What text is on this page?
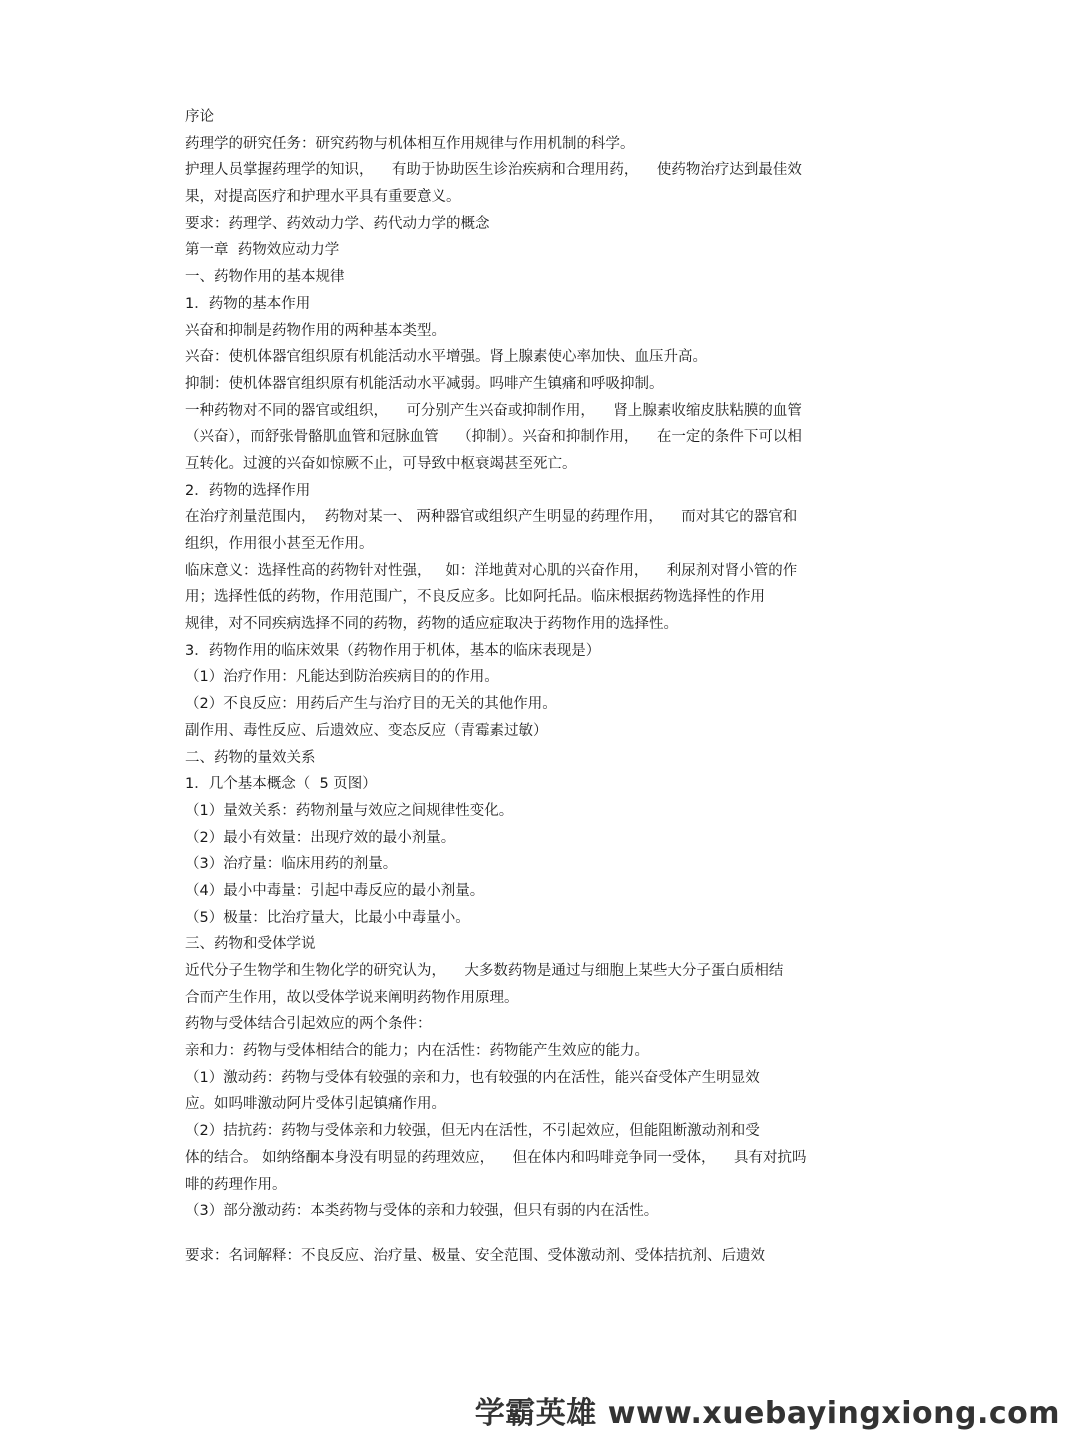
序论
药理学的研究任务：研究药物与机体相互作用规律与作用机制的科学。
护理人员掌握药理学的知识，    有助于协助医生诊治疾病和合理用药，    使药物治疗达到最佳效
果，对提高医疗和护理水平具有重要意义。
要求：药理学、药效动力学、药代动力学的概念
第一章  药物效应动力学
一、药物作用的基本规律
1．药物的基本作用
兴奋和抑制是药物作用的两种基本类型。
兴奋：使机体器官组织原有机能活动水平增强。肾上腺素使心率加快、血压升高。
抑制：使机体器官组织原有机能活动水平减弱。吗啡产生镇痛和呼吸抑制。
一种药物对不同的器官或组织，    可分别产生兴奋或抑制作用，    肾上腺素收缩皮肤粘膜的血管
（兴奋），而舒张骨骼肌血管和冠脉血管    （抑制）。兴奋和抑制作用，    在一定的条件下可以相
互转化。过渡的兴奋如惊厥不止，可导致中枢衰竭甚至死亡。
2．药物的选择作用
在治疗剂量范围内，  药物对某一、 两种器官或组织产生明显的药理作用，    而对其它的器官和
组织，作用很小甚至无作用。
临床意义：选择性高的药物针对性强，   如：洋地黄对心肌的兴奋作用，    利尿剂对肾小管的作
用；选择性低的药物，作用范围广，不良反应多。比如阿托品。临床根据药物选择性的作用
规律，对不同疾病选择不同的药物，药物的适应症取决于药物作用的选择性。
3．药物作用的临床效果（药物作用于机体，基本的临床表现是）
（1）治疗作用：凡能达到防治疾病目的的作用。
（2）不良反应：用药后产生与治疗目的无关的其他作用。
副作用、毒性反应、后遗效应、变态反应（青霉素过敏）
二、药物的量效关系
1．几个基本概念（  5 页图）
（1）量效关系：药物剂量与效应之间规律性变化。
（2）最小有效量：出现疗效的最小剂量。
（3）治疗量：临床用药的剂量。
（4）最小中毒量：引起中毒反应的最小剂量。
（5）极量：比治疗量大，比最小中毒量小。
三、药物和受体学说
近代分子生物学和生物化学的研究认为，    大多数药物是通过与细胞上某些大分子蛋白质相结
合而产生作用，故以受体学说来阐明药物作用原理。
药物与受体结合引起效应的两个条件：
亲和力：药物与受体相结合的能力；内在活性：药物能产生效应的能力。
（1）激动药：药物与受体有较强的亲和力，也有较强的内在活性，能兴奋受体产生明显效
应。如吗啡激动阿片受体引起镇痛作用。
（2）拮抗药：药物与受体亲和力较强，但无内在活性，不引起效应，但能阻断激动剂和受
体的结合。 如纳络酮本身没有明显的药理效应，    但在体内和吗啡竞争同一受体，    具有对抗吗
啡的药理作用。
（3）部分激动药：本类药物与受体的亲和力较强，但只有弱的内在活性。
要求：名词解释：不良反应、治疗量、极量、安全范围、受体激动剂、受体拮抗剂、后遗效
学霸英雄 www.xuebayingxiong.com
